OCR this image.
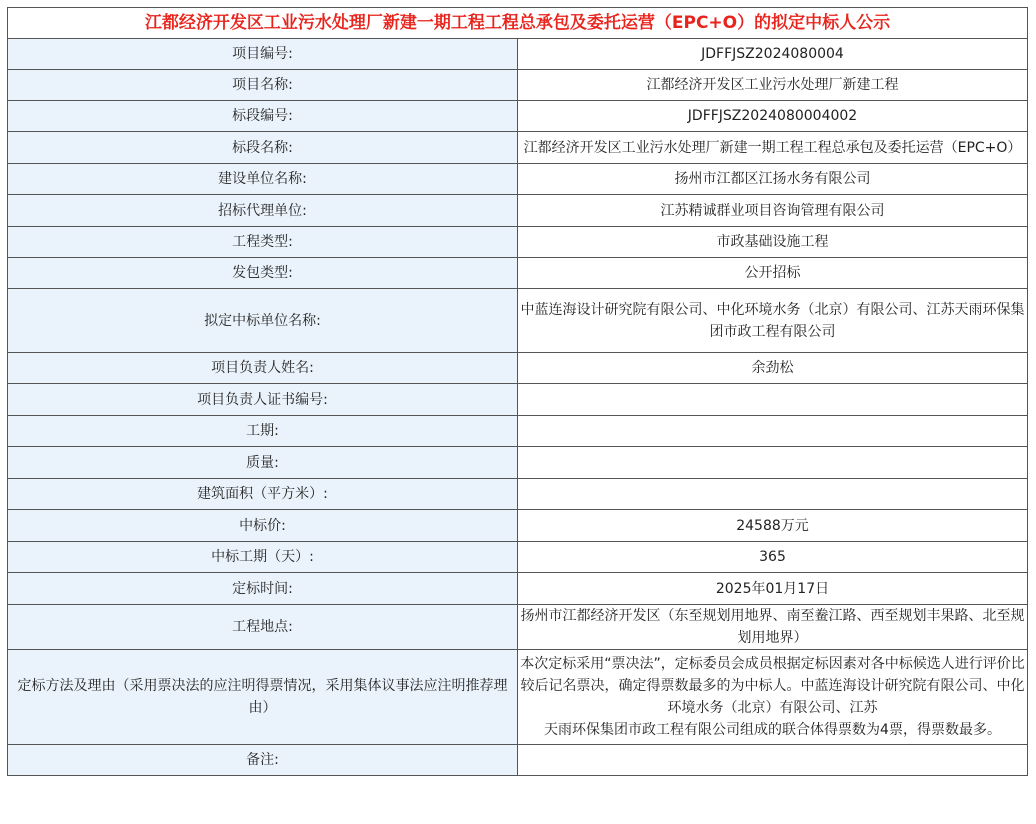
江都经济开发区工业污水处理厂新建一期工程工程总承包及委托运营（EPC+O）的拟定中标人公示	
项目编号:	JDFFJSZ2024080004
项目名称:	江都经济开发区工业污水处理厂新建工程
标段编号:	JDFFJSZ2024080004002
标段名称:	江都经济开发区工业污水处理厂新建一期工程工程总承包及委托运营（EPC+O）
建设单位名称:	扬州市江都区江扬水务有限公司
招标代理单位:	江苏精诚群业项目咨询管理有限公司
工程类型:	市政基础设施工程
发包类型:	公开招标
拟定中标单位名称:	中蓝连海设计研究院有限公司、中化环境水务（北京）有限公司、江苏天雨环保集团市政工程有限公司
项目负责人姓名:	余劲松
项目负责人证书编号:	
工期:	
质量:	
建筑面积（平方米）:	
中标价:	24588万元
中标工期（天）:	365
定标时间:	2025年01月17日
工程地点:	扬州市江都经济开发区（东至规划用地界、南至鲞江路、西至规划丰果路、北至规划用地界）
定标方法及理由（采用票决法的应注明得票情况，采用集体议事法应注明推荐理由）	本次定标采用“票决法”，定标委员会成员根据定标因素对各中标候选人进行评价比较后记名票决，确定得票数最多的为中标人。中蓝连海设计研究院有限公司、中化环境水务（北京）有限公司、江苏
天雨环保集团市政工程有限公司组成的联合体得票数为4票，得票数最多。

备注:	
